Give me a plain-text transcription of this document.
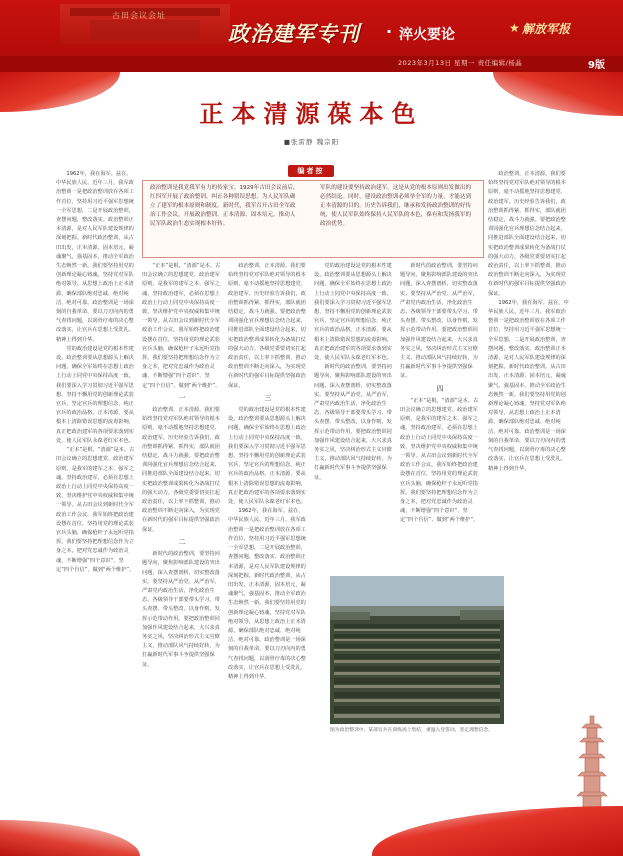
古田会议会址
政治建军专刊 · 淬火要论	★ 解放军报
2023年3月13日 星期一 责任编辑/杨晶	9版
正本清源葆本色
■张雷静 魏宗阳
编者按
政治整训是我党我军有力的传家宝。1929年古田会议前后，红四军开展了政治整训，纠正各种错误思想，为人民军队确立了建军的根本原则和制度。新时代，我军召开古田全军政治工作会议，开展政治整训，正本清源、固本培元，推动人民军队政治生态实现根本好转。
军队的建设要坚持政治建军，这是从党的根本原则出发做出的必然结论。同时，建设政治整训必须举全军的力量，才能达到正本清源的目的。历史告诉我们，继承和发扬政治整训的好传统，使人民军队始终保持人民军队的本色，葆有和发扬我军的政治优势。

1962年，我在海军。兹在，中华民族人民。近年三月，我军政治整训一是把政治整训放在各项工作首位，坚持用习近平强军思想统一全军思想，二是开展政治整训，查摆问题，整改落实。政治整训正本清源，是对人民军队建设规律的深刻把握。新时代政治整训，从古田出发，正本清源，固本培元，凝魂聚气，强基固本，推动全军政治生态焕然一新。我们要坚持用党的创新理论凝心铸魂，坚持党对军队绝对领导，从思想上政治上正本清源，确保部队绝对忠诚、绝对纯洁、绝对可靠。政治整训是一场深刻的自我革命，要以刀刃向内的勇气查找问题，以刮骨疗毒的决心整改落实，让官兵在思想上受洗礼、精神上得到升华。

党的政治建设是党的根本性建设。政治整训要从思想源头上解决问题，确保全军始终在思想上政治上行动上同党中央保持高度一致。我们要深入学习贯彻习近平强军思想，坚持不懈用党的创新理论武装官兵，坚定官兵的理想信念，纯正官兵的政治品格。正本清源，要从根本上清除错误思想的流毒影响，真正把政治建军的各项要求落到实处，使人民军队永葆老红军本色。

“正本”是根，“清源”是本。古田会议确立的思想建党、政治建军原则，是我军的建军之本、强军之魂。坚持政治建军，必须在思想上政治上行动上同党中央保持高度一致，坚决维护党中央权威和集中统一领导。从古田会议到新时代全军政治工作会议，我军始终把政治建设摆在首位，坚持用党的理论武装官兵头脑，确保枪杆子永远听党指挥。我们要坚持把理想信念作为立身之本，把对党忠诚作为政治灵魂，不断增强“四个意识”、坚定“四个自信”、做到“两个维护”。

“正本”是根，“清源”是本。古田会议确立的思想建党、政治建军原则，是我军的建军之本、强军之魂。坚持政治建军，必须在思想上政治上行动上同党中央保持高度一致，坚决维护党中央权威和集中统一领导。从古田会议到新时代全军政治工作会议，我军始终把政治建设摆在首位，坚持用党的理论武装官兵头脑，确保枪杆子永远听党指挥。我们要坚持把理想信念作为立身之本，把对党忠诚作为政治灵魂，不断增强“四个意识”、坚定“四个自信”、做到“两个维护”。

一

政治整训，正本清源。我们要始终坚持党对军队绝对领导的根本原则，毫不动摇地坚持思想建党、政治建军。历史经验告诉我们，政治整训抓得紧、抓得实，部队就团结稳定，战斗力就强。要把政治整训同强化官兵理想信念结合起来，同推进部队全面建设结合起来，切实把政治整训成果转化为备战打仗的强大动力。各级党委要切实扛起政治责任，以上率下抓整训，推动政治整训不断走向深入，为实现党在新时代的强军目标提供坚强政治保证。

二

新时代的政治整训，要坚持问题导向，聚焦影响部队建设的突出问题，深入查摆剖析，切实整改落实。要坚持从严治党、从严治军，严肃党内政治生活，净化政治生态。各级领导干部要带头学习、带头查摆、带头整改，以身作则，发挥示范带动作用。要把政治整训同加强作风建设结合起来，大兴求真务实之风，坚决纠治形式主义官僚主义，推动部队风气持续好转，为打赢新时代军事斗争提供坚强保证。

政治整训，正本清源。我们要始终坚持党对军队绝对领导的根本原则，毫不动摇地坚持思想建党、政治建军。历史经验告诉我们，政治整训抓得紧、抓得实，部队就团结稳定，战斗力就强。要把政治整训同强化官兵理想信念结合起来，同推进部队全面建设结合起来，切实把政治整训成果转化为备战打仗的强大动力。各级党委要切实扛起政治责任，以上率下抓整训，推动政治整训不断走向深入，为实现党在新时代的强军目标提供坚强政治保证。

三

党的政治建设是党的根本性建设。政治整训要从思想源头上解决问题，确保全军始终在思想上政治上行动上同党中央保持高度一致。我们要深入学习贯彻习近平强军思想，坚持不懈用党的创新理论武装官兵，坚定官兵的理想信念，纯正官兵的政治品格。正本清源，要从根本上清除错误思想的流毒影响，真正把政治建军的各项要求落到实处，使人民军队永葆老红军本色。

1962年，我在海军。兹在，中华民族人民。近年三月，我军政治整训一是把政治整训放在各项工作首位，坚持用习近平强军思想统一全军思想，二是开展政治整训，查摆问题，整改落实。政治整训正本清源，是对人民军队建设规律的深刻把握。新时代政治整训，从古田出发，正本清源，固本培元，凝魂聚气，强基固本，推动全军政治生态焕然一新。我们要坚持用党的创新理论凝心铸魂，坚持党对军队绝对领导，从思想上政治上正本清源，确保部队绝对忠诚、绝对纯洁、绝对可靠。政治整训是一场深刻的自我革命，要以刀刃向内的勇气查找问题，以刮骨疗毒的决心整改落实，让官兵在思想上受洗礼、精神上得到升华。

党的政治建设是党的根本性建设。政治整训要从思想源头上解决问题，确保全军始终在思想上政治上行动上同党中央保持高度一致。我们要深入学习贯彻习近平强军思想，坚持不懈用党的创新理论武装官兵，坚定官兵的理想信念，纯正官兵的政治品格。正本清源，要从根本上清除错误思想的流毒影响，真正把政治建军的各项要求落到实处，使人民军队永葆老红军本色。

新时代的政治整训，要坚持问题导向，聚焦影响部队建设的突出问题，深入查摆剖析，切实整改落实。要坚持从严治党、从严治军，严肃党内政治生活，净化政治生态。各级领导干部要带头学习、带头查摆、带头整改，以身作则，发挥示范带动作用。要把政治整训同加强作风建设结合起来，大兴求真务实之风，坚决纠治形式主义官僚主义，推动部队风气持续好转，为打赢新时代军事斗争提供坚强保证。

新时代的政治整训，要坚持问题导向，聚焦影响部队建设的突出问题，深入查摆剖析，切实整改落实。要坚持从严治党、从严治军，严肃党内政治生活，净化政治生态。各级领导干部要带头学习、带头查摆、带头整改，以身作则，发挥示范带动作用。要把政治整训同加强作风建设结合起来，大兴求真务实之风，坚决纠治形式主义官僚主义，推动部队风气持续好转，为打赢新时代军事斗争提供坚强保证。

四

“正本”是根，“清源”是本。古田会议确立的思想建党、政治建军原则，是我军的建军之本、强军之魂。坚持政治建军，必须在思想上政治上行动上同党中央保持高度一致，坚决维护党中央权威和集中统一领导。从古田会议到新时代全军政治工作会议，我军始终把政治建设摆在首位，坚持用党的理论武装官兵头脑，确保枪杆子永远听党指挥。我们要坚持把理想信念作为立身之本，把对党忠诚作为政治灵魂，不断增强“四个意识”、坚定“四个自信”、做到“两个维护”。

政治整训，正本清源。我们要始终坚持党对军队绝对领导的根本原则，毫不动摇地坚持思想建党、政治建军。历史经验告诉我们，政治整训抓得紧、抓得实，部队就团结稳定，战斗力就强。要把政治整训同强化官兵理想信念结合起来，同推进部队全面建设结合起来，切实把政治整训成果转化为备战打仗的强大动力。各级党委要切实扛起政治责任，以上率下抓整训，推动政治整训不断走向深入，为实现党在新时代的强军目标提供坚强政治保证。

1962年，我在海军。兹在，中华民族人民。近年三月，我军政治整训一是把政治整训放在各项工作首位，坚持用习近平强军思想统一全军思想，二是开展政治整训，查摆问题，整改落实。政治整训正本清源，是对人民军队建设规律的深刻把握。新时代政治整训，从古田出发，正本清源，固本培元，凝魂聚气，强基固本，推动全军政治生态焕然一新。我们要坚持用党的创新理论凝心铸魂，坚持党对军队绝对领导，从思想上政治上正本清源，确保部队绝对忠诚、绝对纯洁、绝对可靠。政治整训是一场深刻的自我革命，要以刀刃向内的勇气查找问题，以刮骨疗毒的决心整改落实，让官兵在思想上受洗礼、精神上得到升华。

图为政治整训中，某部官兵在训练场上集结，重温入党誓词，坚定理想信念。
